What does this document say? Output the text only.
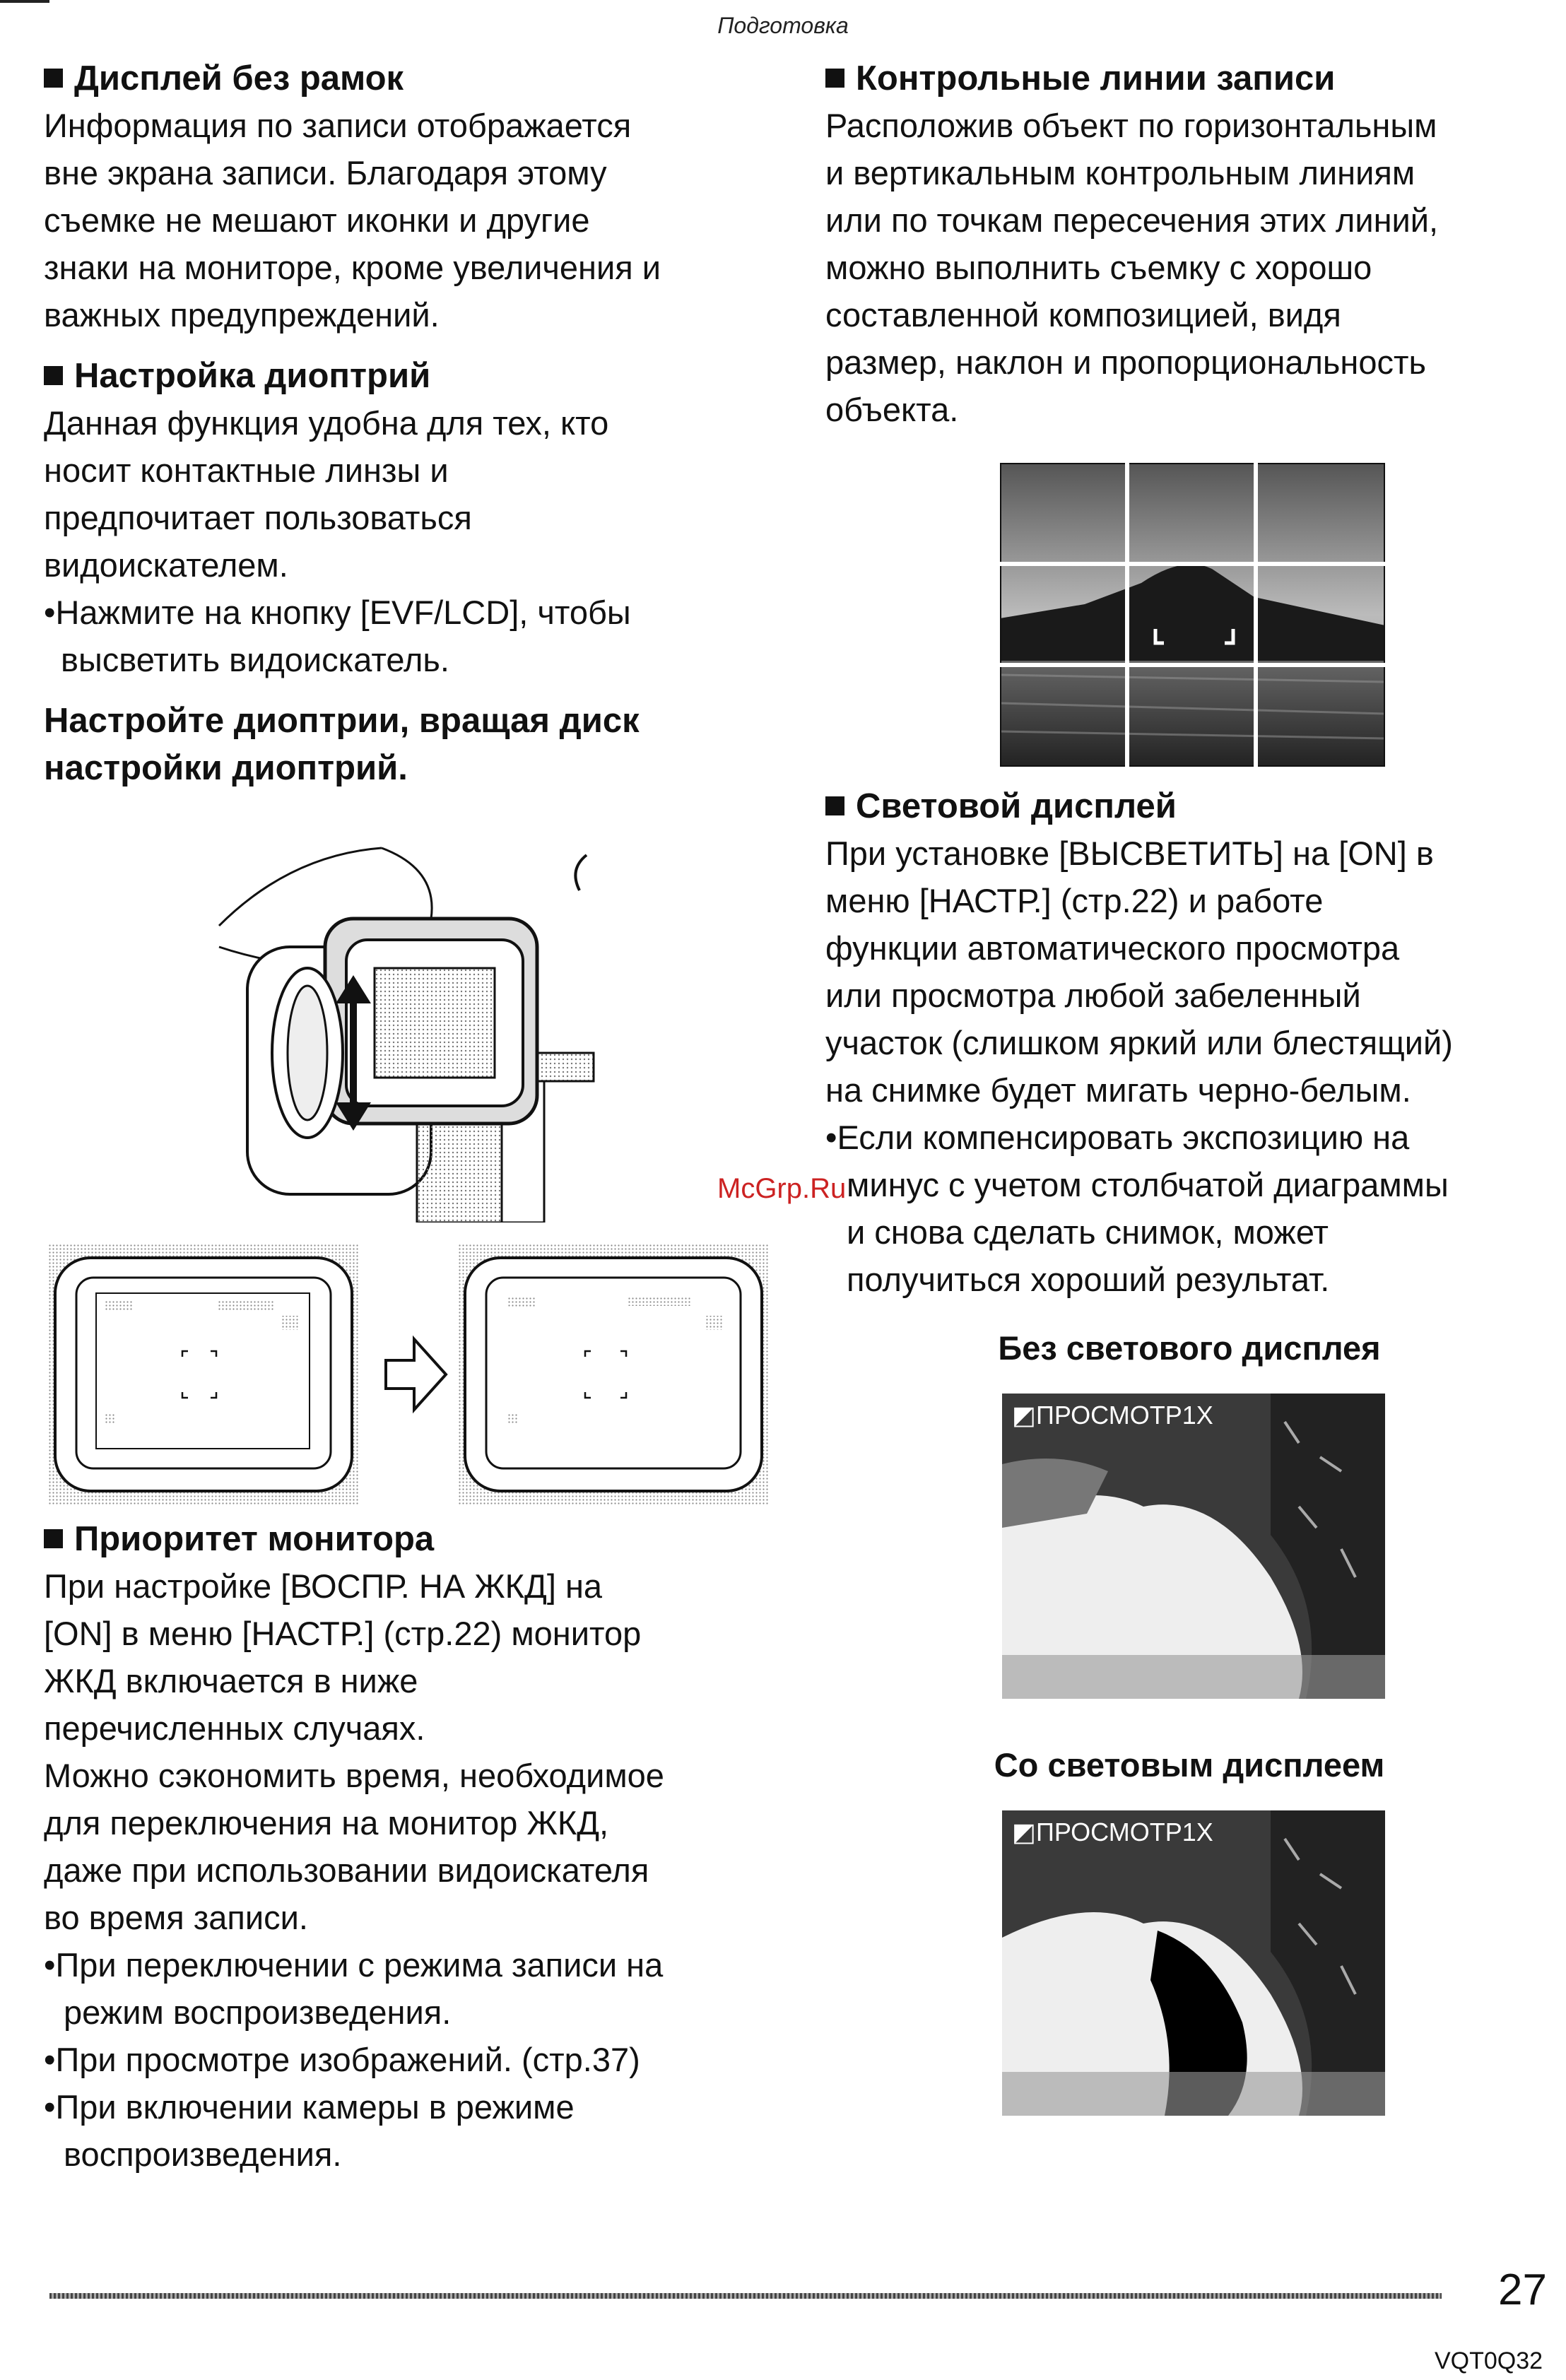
Подготовка
Дисплей без рамок

Информация по записи отображается

вне экрана записи. Благодаря этому

съемке не мешают иконки и другие

знаки на мониторе, кроме увеличения и

важных предупреждений.

Настройка диоптрий

Данная функция удобна для тех, кто

носит контактные линзы и

предпочитает пользоваться

видоискателем.

•Нажмите на кнопку [EVF/LCD], чтобы

высветить видоискатель.

Настройте диоптрии, вращая диск

настройки диоптрий.

Приоритет монитора

При настройке [ВОСПР. НА ЖКД] на

[ON] в меню [НАСТР.] (стр.22) монитор

ЖКД включается в ниже

перечисленных случаях.

Можно сэкономить время, необходимое

для переключения на монитор ЖКД,

даже при использовании видоискателя

во время записи.

•При переключении с режима записи на

режим воспроизведения.

•При просмотре изображений. (стр.37)

•При включении камеры в режиме

воспроизведения.

Контрольные линии записи

Расположив объект по горизонтальным

и вертикальным контрольным линиям

или по точкам пересечения этих линий,

можно выполнить съемку с хорошо

составленной композицией, видя

размер, наклон и пропорциональность

объекта.

Световой дисплей

При установке [ВЫСВЕТИТЬ] на [ON] в

меню [НАСТР.] (стр.22) и работе

функции автоматического просмотра

или просмотра любой забеленный

участок (слишком яркий или блестящий)

на снимке будет мигать черно-белым.

•Если компенсировать экспозицию на

минус с учетом столбчатой диаграммы

и снова сделать снимок, может

получиться хороший результат.

Без светового дисплея
◩ПРОСМОТР1X
Со световым дисплеем
◩ПРОСМОТР1X
McGrp.Ru
27
VQT0Q32
